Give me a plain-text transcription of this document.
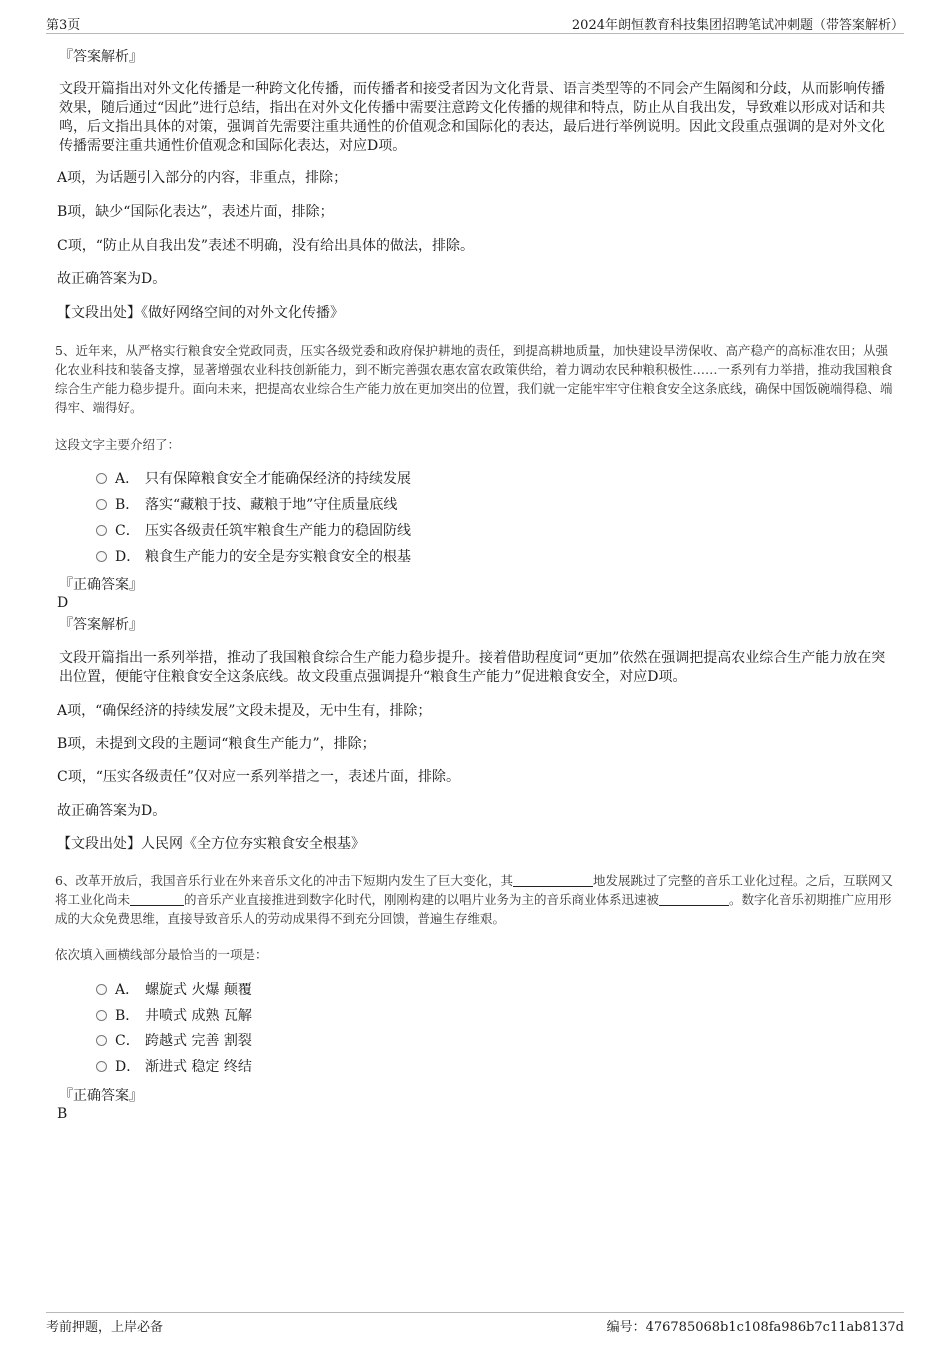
第3页	2024年朗恒教育科技集团招聘笔试冲刺题（带答案解析）
『答案解析』
文段开篇指出对外文化传播是一种跨文化传播，而传播者和接受者因为文化背景、语言类型等的不同会产生隔阂和分歧，从而影响传播效果，随后通过“因此”进行总结，指出在对外文化传播中需要注意跨文化传播的规律和特点，防止从自我出发，导致难以形成对话和共鸣，后文指出具体的对策，强调首先需要注重共通性的价值观念和国际化的表达，最后进行举例说明。因此文段重点强调的是对外文化传播需要注重共通性价值观念和国际化表达，对应D项。
A项，为话题引入部分的内容，非重点，排除；
B项，缺少“国际化表达”，表述片面，排除；
C项，“防止从自我出发”表述不明确，没有给出具体的做法，排除。
故正确答案为D。
【文段出处】《做好网络空间的对外文化传播》
5、近年来，从严格实行粮食安全党政同责，压实各级党委和政府保护耕地的责任，到提高耕地质量，加快建设旱涝保收、高产稳产的高标准农田；从强化农业科技和装备支撑，显著增强农业科技创新能力，到不断完善强农惠农富农政策供给，着力调动农民种粮积极性……一系列有力举措，推动我国粮食综合生产能力稳步提升。面向未来，把提高农业综合生产能力放在更加突出的位置，我们就一定能牢牢守住粮食安全这条底线，确保中国饭碗端得稳、端得牢、端得好。
这段文字主要介绍了：
A． 只有保障粮食安全才能确保经济的持续发展
B． 落实“藏粮于技、藏粮于地”守住质量底线
C． 压实各级责任筑牢粮食生产能力的稳固防线
D． 粮食生产能力的安全是夯实粮食安全的根基
『正确答案』
D
『答案解析』
文段开篇指出一系列举措，推动了我国粮食综合生产能力稳步提升。接着借助程度词“更加”依然在强调把提高农业综合生产能力放在突出位置，便能守住粮食安全这条底线。故文段重点强调提升“粮食生产能力”促进粮食安全，对应D项。
A项，“确保经济的持续发展”文段未提及，无中生有，排除；
B项，未提到文段的主题词“粮食生产能力”，排除；
C项，“压实各级责任”仅对应一系列举措之一，表述片面，排除。
故正确答案为D。
【文段出处】人民网《全方位夯实粮食安全根基》
6、改革开放后，我国音乐行业在外来音乐文化的冲击下短期内发生了巨大变化，其	地发展跳过了完整的音乐工业化过程。之后，互联网又将工业化尚未	的音乐产业直接推进到数字化时代，刚刚构建的以唱片业务为主的音乐商业体系迅速被	。数字化音乐初期推广应用形成的大众免费思维，直接导致音乐人的劳动成果得不到充分回馈，普遍生存维艰。
依次填入画横线部分最恰当的一项是：
A． 螺旋式 火爆 颠覆
B． 井喷式 成熟 瓦解
C． 跨越式 完善 割裂
D． 渐进式 稳定 终结
『正确答案』
B
考前押题，上岸必备	编号：476785068b1c108fa986b7c11ab8137d
